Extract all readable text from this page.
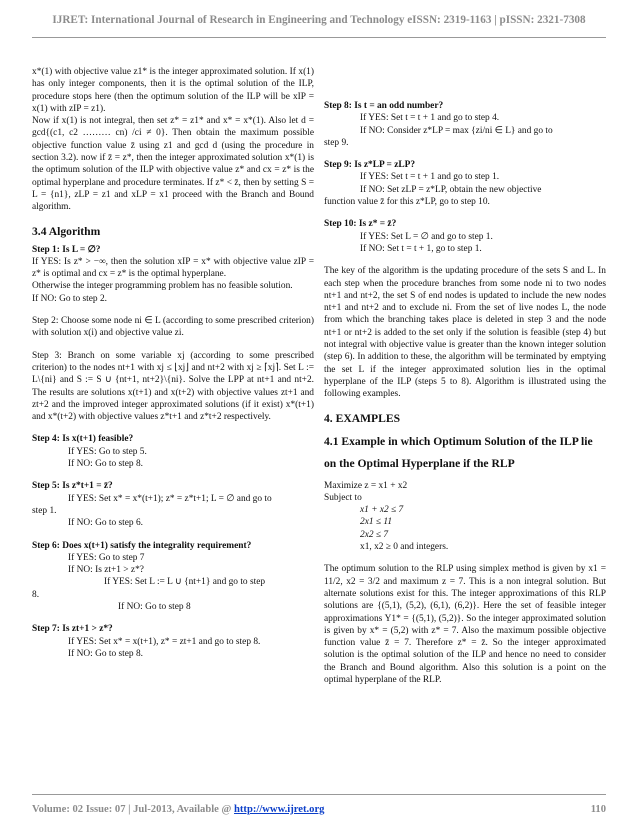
IJRET: International Journal of Research in Engineering and Technology eISSN: 2319-1163 | pISSN: 2321-7308

x*(1) with objective value z1* is the integer approximated solution. If x(1) has only integer components, then it is the optimal solution of the ILP, procedure stops here (then the optimum solution of the ILP will be xIP = x(1) with zIP = z1).

Now if x(1) is not integral, then set z* = z1* and x* = x*(1). Also let d = gcd{(c1, c2 ……… cn) /ci ≠ 0}. Then obtain the maximum possible objective function value z̄ using z1 and gcd d (using the procedure in section 3.2). now if z̄ = z*, then the integer approximated solution x*(1) is the optimum solution of the ILP with objective value z* and cx = z* is the optimal hyperplane and procedure terminates. If z* < z̄, then by setting S = L = {n1}, zLP = z1 and xLP = x1 proceed with the Branch and Bound algorithm.

3.4 Algorithm

Step 1: Is L = ∅?

If YES: Is z* > −∞, then the solution xIP = x* with objective value zIP = z* is optimal and cx = z* is the optimal hyperplane.

Otherwise the integer programming problem has no feasible solution.

If NO: Go to step 2.

Step 2: Choose some node ni ∈ L (according to some prescribed criterion) with solution x(i) and objective value zi.

Step 3: Branch on some variable xj (according to some prescribed criterion) to the nodes nt+1 with xj ≤ ⌊xj⌋ and nt+2 with xj ≥ ⌈xj⌉. Set L := L\{ni} and S := S ∪ {nt+1, nt+2}\{ni}. Solve the LPP at nt+1 and nt+2. The results are solutions x(t+1) and x(t+2) with objective values zt+1 and zt+2 and the improved integer approximated solutions (if it exist) x*(t+1) and x*(t+2) with objective values z*t+1 and z*t+2 respectively.

Step 4: Is x(t+1) feasible?

If YES: Go to step 5.

If NO: Go to step 8.

Step 5: Is z*t+1 = z̄?

If YES: Set x* = x*(t+1); z* = z*t+1; L = ∅ and go to

step 1.

If NO: Go to step 6.

Step 6: Does x(t+1) satisfy the integrality requirement?

If YES: Go to step 7

If NO: Is zt+1 > z*?

If YES: Set L := L ∪ {nt+1} and go to step

8.

If NO: Go to step 8

Step 7: Is zt+1 > z*?

If YES: Set x* = x(t+1), z* = zt+1 and go to step 8.

If NO: Go to step 8.

Step 8: Is t = an odd number?

If YES: Set t = t + 1 and go to step 4.

If NO: Consider z*LP = max {zi/ni ∈ L} and go to

step 9.

Step 9: Is z*LP = zLP?

If YES: Set t = t + 1 and go to step 1.

If NO: Set zLP = z*LP, obtain the new objective

function value z̄ for this z*LP, go to step 10.

Step 10: Is z* = z̄?

If YES: Set L = ∅ and go to step 1.

If NO: Set t = t + 1, go to step 1.

The key of the algorithm is the updating procedure of the sets S and L. In each step when the procedure branches from some node ni to two nodes nt+1 and nt+2, the set S of end nodes is updated to include the new nodes nt+1 and nt+2 and to exclude ni. From the set of live nodes L, the node from which the branching takes place is deleted in step 3 and the node nt+1 or nt+2 is added to the set only if the solution is feasible (step 4) but not integral with objective value is greater than the known integer solution (step 6). In addition to these, the algorithm will be terminated by emptying the set L if the integer approximated solution lies in the optimal hyperplane of the ILP (steps 5 to 8). Algorithm is illustrated using the following examples.

4. EXAMPLES
4.1 Example in which Optimum Solution of the ILP lie on the Optimal Hyperplane if the RLP

Maximize z = x1 + x2

Subject to

x1 + x2 ≤ 7

2x1 ≤ 11

2x2 ≤ 7

x1, x2 ≥ 0 and integers.

The optimum solution to the RLP using simplex method is given by x1 = 11/2, x2 = 3/2 and maximum z = 7. This is a non integral solution. But alternate solutions exist for this. The integer approximations of this RLP solutions are {(5,1), (5,2), (6,1), (6,2)}. Here the set of feasible integer approximations Y1* = {(5,1), (5,2)}. So the integer approximated solution is given by x* = (5,2) with z* = 7. Also the maximum possible objective function value z̄ = 7. Therefore z* = z̄. So the integer approximated solution is the optimal solution of the ILP and hence no need to consider the Branch and Bound algorithm. Also this solution is a point on the optimal hyperplane of the RLP.

Volume: 02 Issue: 07 | Jul-2013, Available @ http://www.ijret.org	110
